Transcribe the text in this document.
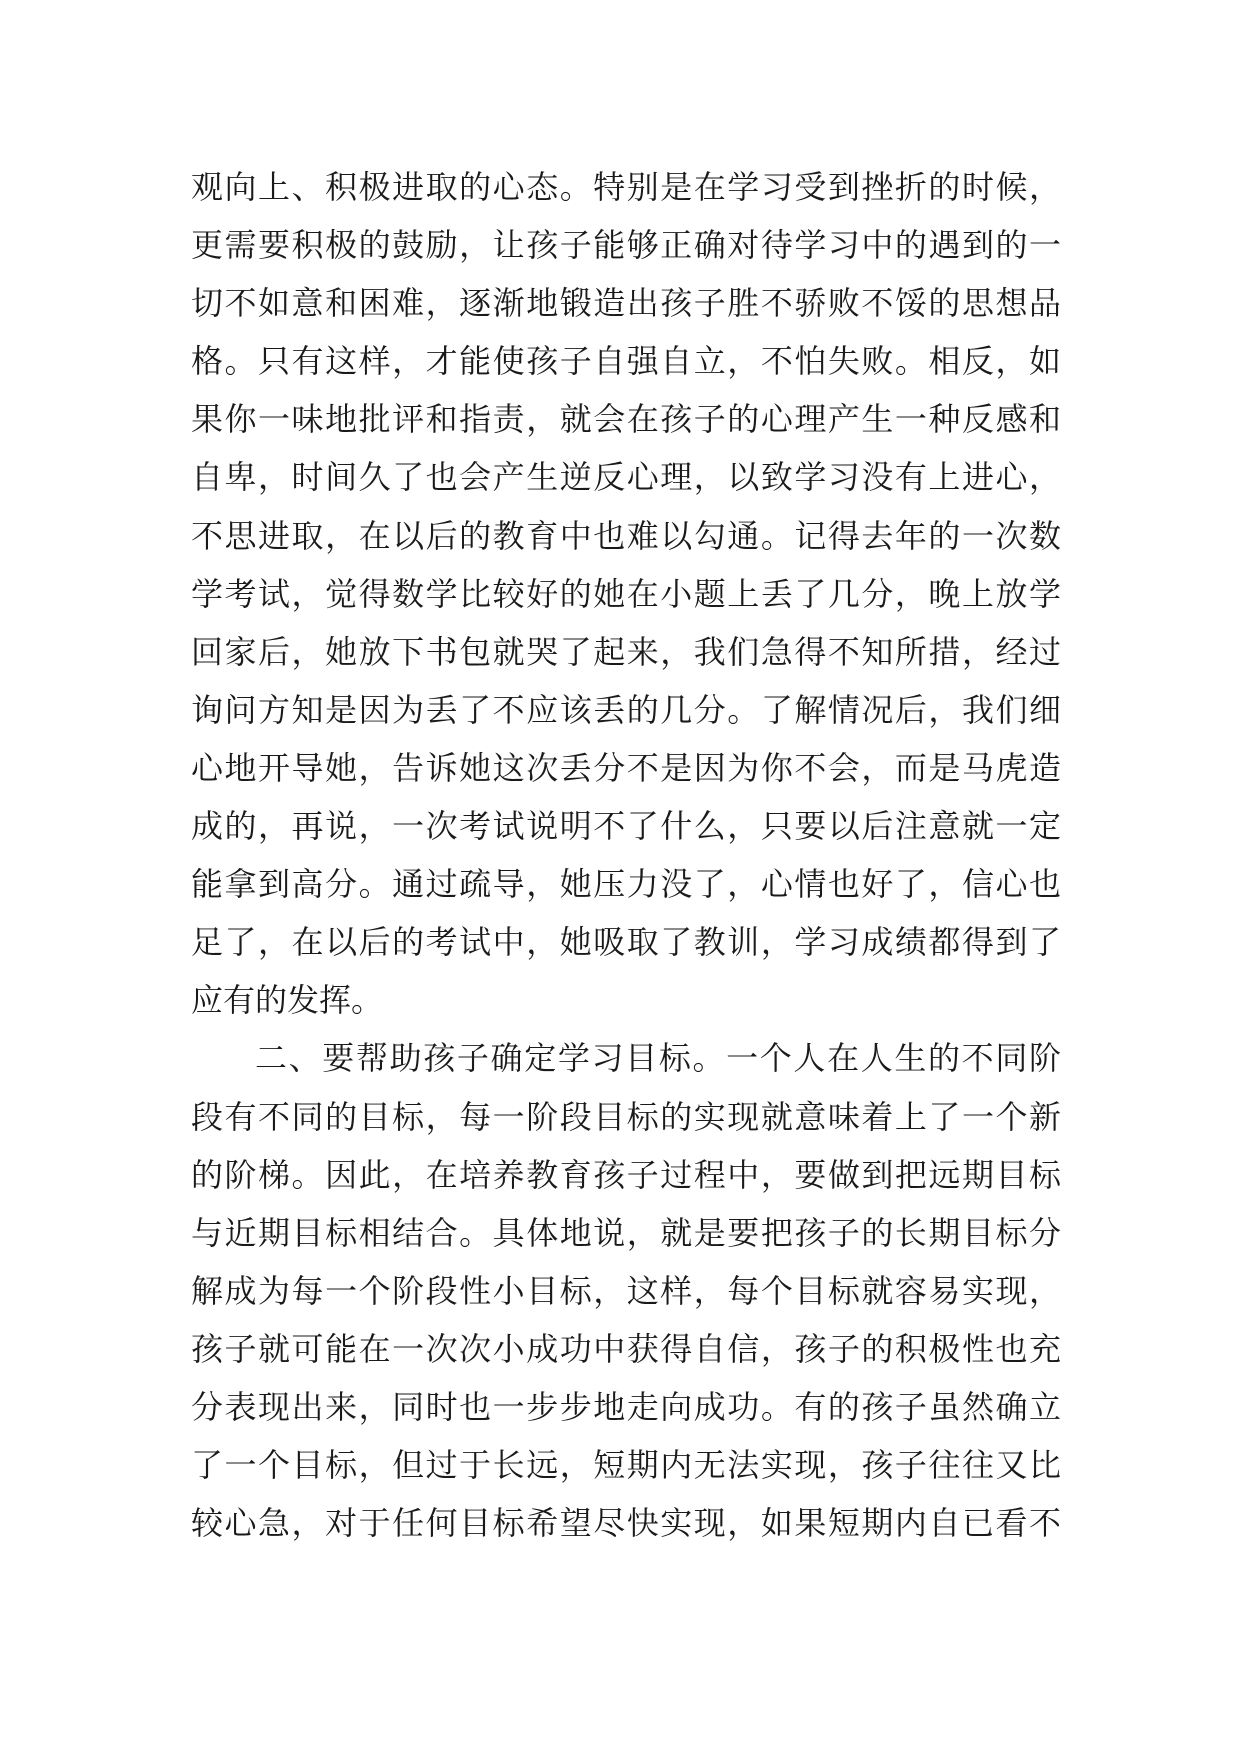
观向上、积极进取的心态。特别是在学习受到挫折的时候，
更需要积极的鼓励，让孩子能够正确对待学习中的遇到的一
切不如意和困难，逐渐地锻造出孩子胜不骄败不馁的思想品
格。只有这样，才能使孩子自强自立，不怕失败。相反，如
果你一味地批评和指责，就会在孩子的心理产生一种反感和
自卑，时间久了也会产生逆反心理，以致学习没有上进心，
不思进取，在以后的教育中也难以勾通。记得去年的一次数
学考试，觉得数学比较好的她在小题上丢了几分，晚上放学
回家后，她放下书包就哭了起来，我们急得不知所措，经过
询问方知是因为丢了不应该丢的几分。了解情况后，我们细
心地开导她，告诉她这次丢分不是因为你不会，而是马虎造
成的，再说，一次考试说明不了什么，只要以后注意就一定
能拿到高分。通过疏导，她压力没了，心情也好了，信心也
足了，在以后的考试中，她吸取了教训，学习成绩都得到了
应有的发挥。
二、要帮助孩子确定学习目标。一个人在人生的不同阶
段有不同的目标，每一阶段目标的实现就意味着上了一个新
的阶梯。因此，在培养教育孩子过程中，要做到把远期目标
与近期目标相结合。具体地说，就是要把孩子的长期目标分
解成为每一个阶段性小目标，这样，每个目标就容易实现，
孩子就可能在一次次小成功中获得自信，孩子的积极性也充
分表现出来，同时也一步步地走向成功。有的孩子虽然确立
了一个目标，但过于长远，短期内无法实现，孩子往往又比
较心急，对于任何目标希望尽快实现，如果短期内自已看不
